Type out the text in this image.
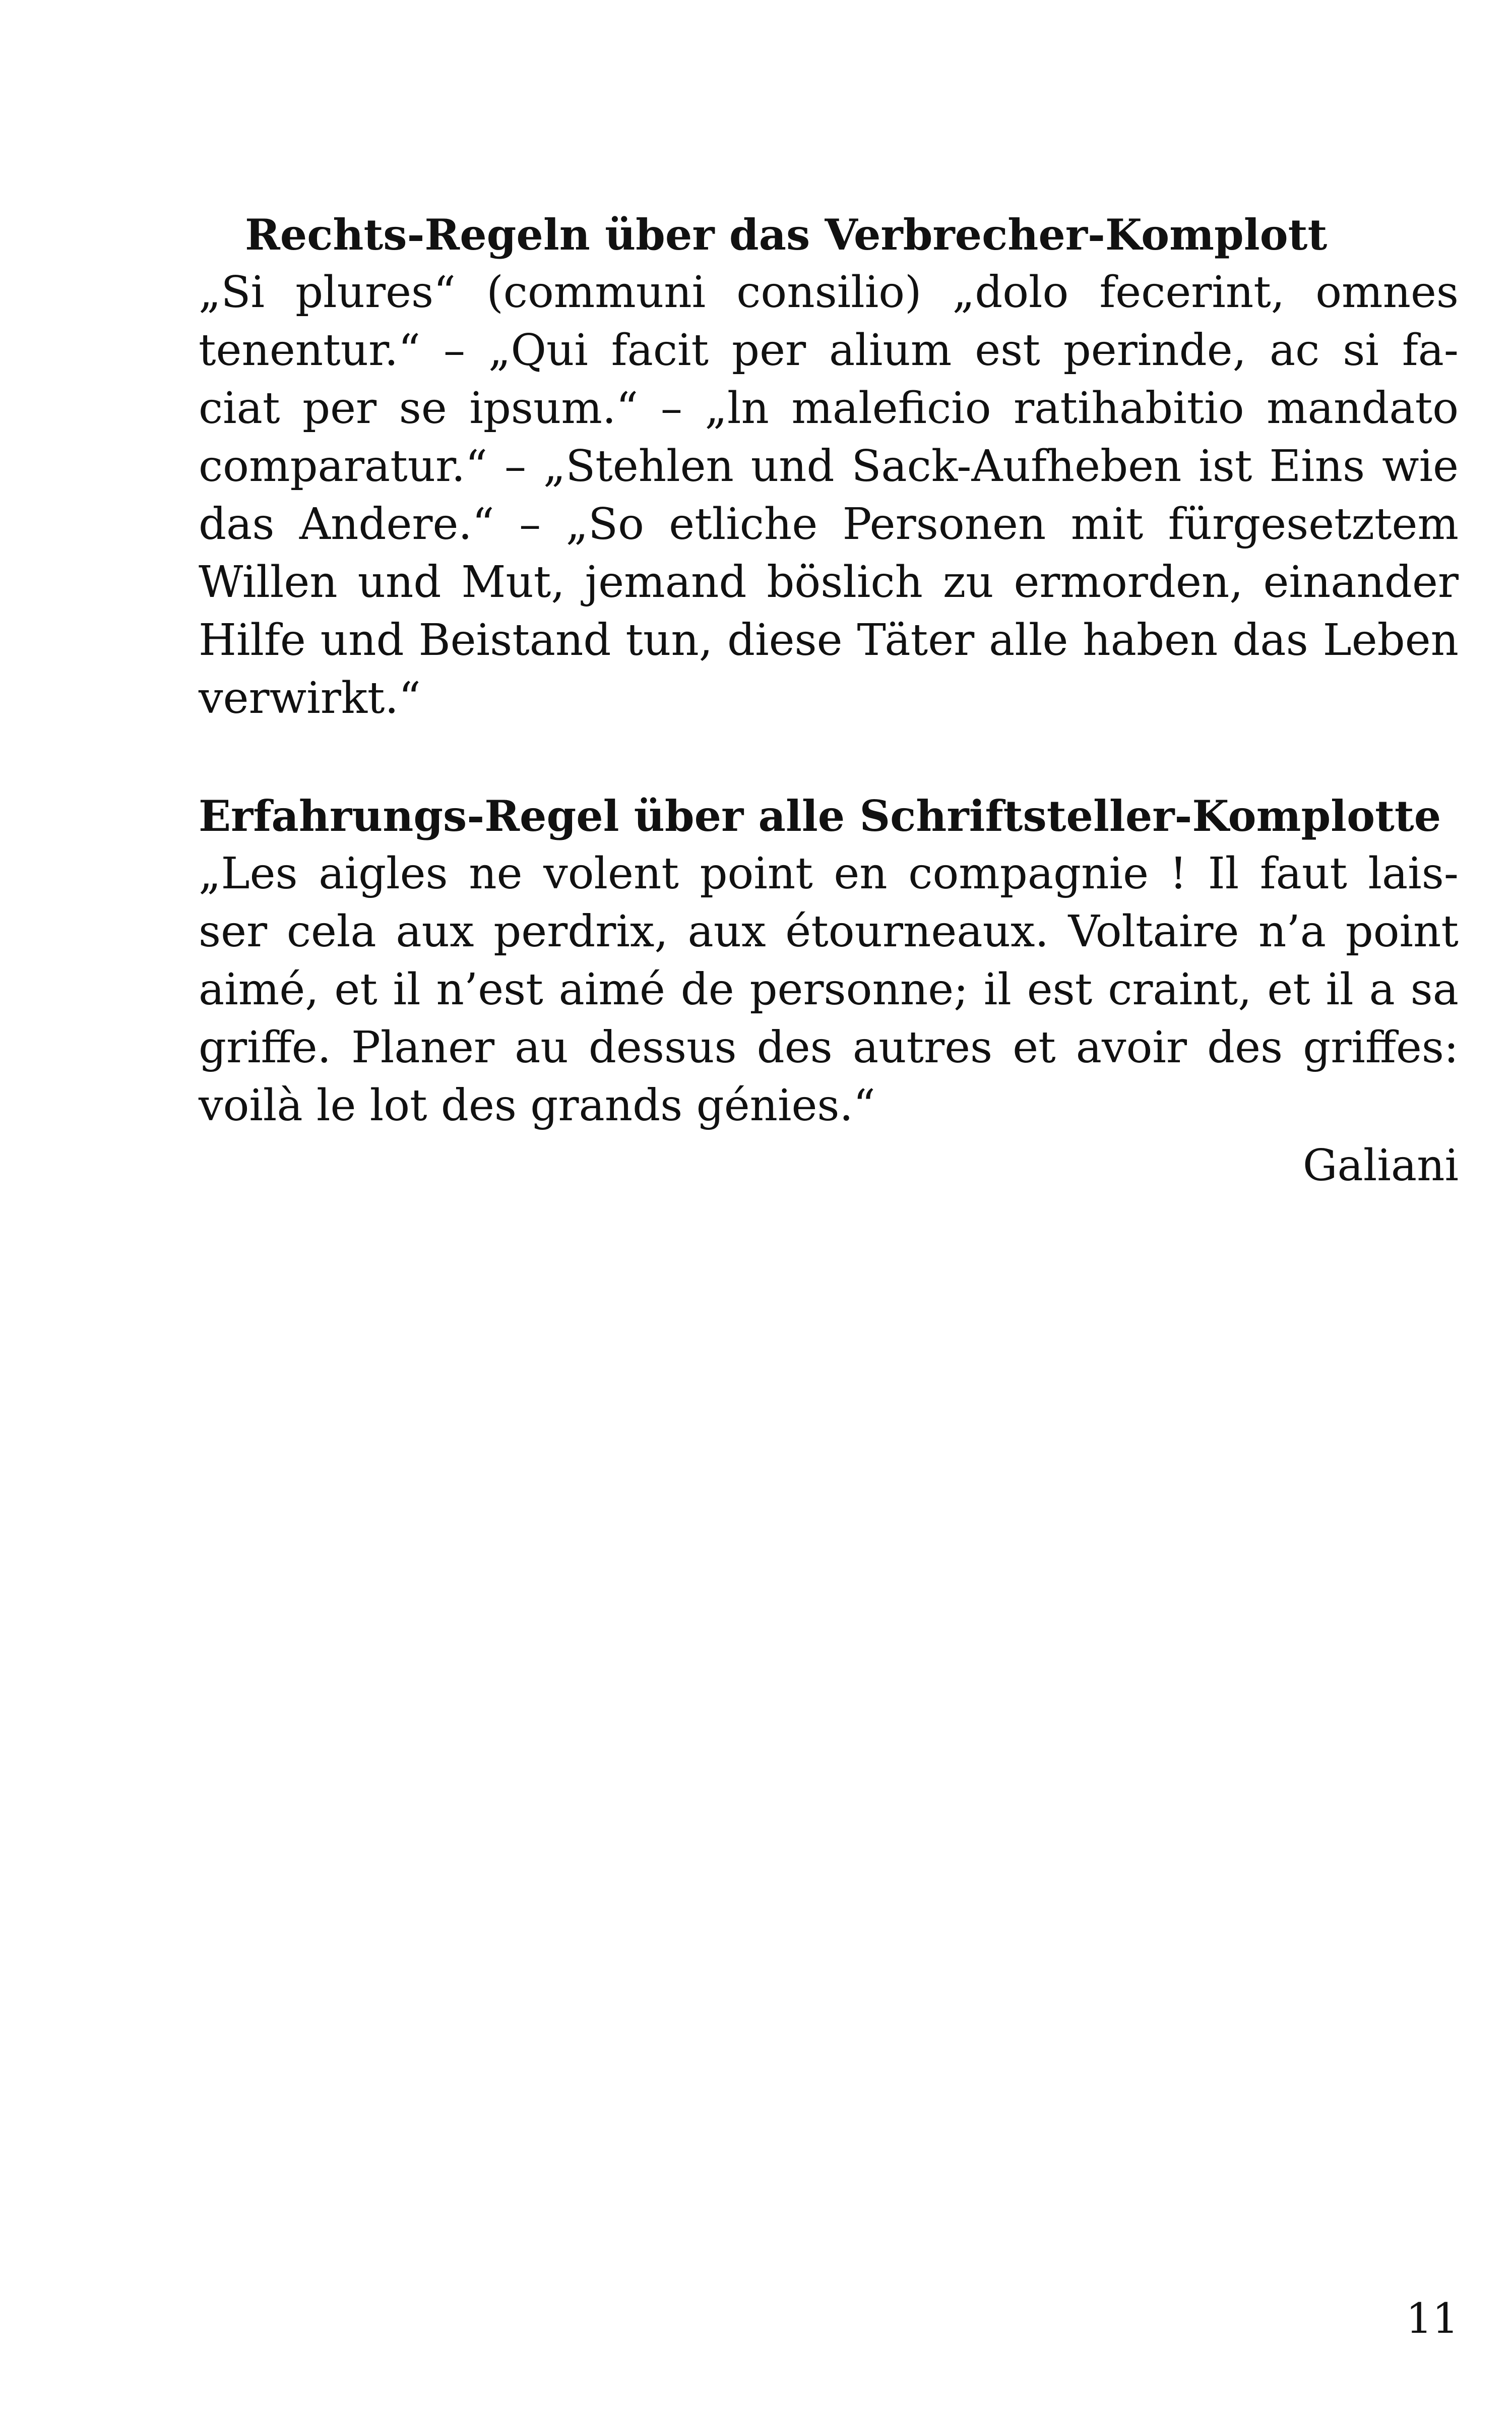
Rechts-Regeln über das Verbrecher-Komplott
„Si plures“ (communi consilio) „dolo fecerint, omnes
tenentur.“ – „Qui facit per alium est perinde, ac si fa-
ciat per se ipsum.“ – „ln maleficio ratihabitio mandato
comparatur.“ – „Stehlen und Sack-Aufheben ist Eins wie
das Andere.“ – „So etliche Personen mit fürgesetztem
Willen und Mut, jemand böslich zu ermorden, einander
Hilfe und Beistand tun, diese Täter alle haben das Leben
verwirkt.“
Erfahrungs-Regel über alle Schriftsteller-Komplotte
„Les aigles ne volent point en compagnie ! Il faut lais-
ser cela aux perdrix, aux étourneaux. Voltaire n’a point
aimé, et il n’est aimé de personne; il est craint, et il a sa
griffe. Planer au dessus des autres et avoir des griffes:
voilà le lot des grands génies.“
Galiani
11
